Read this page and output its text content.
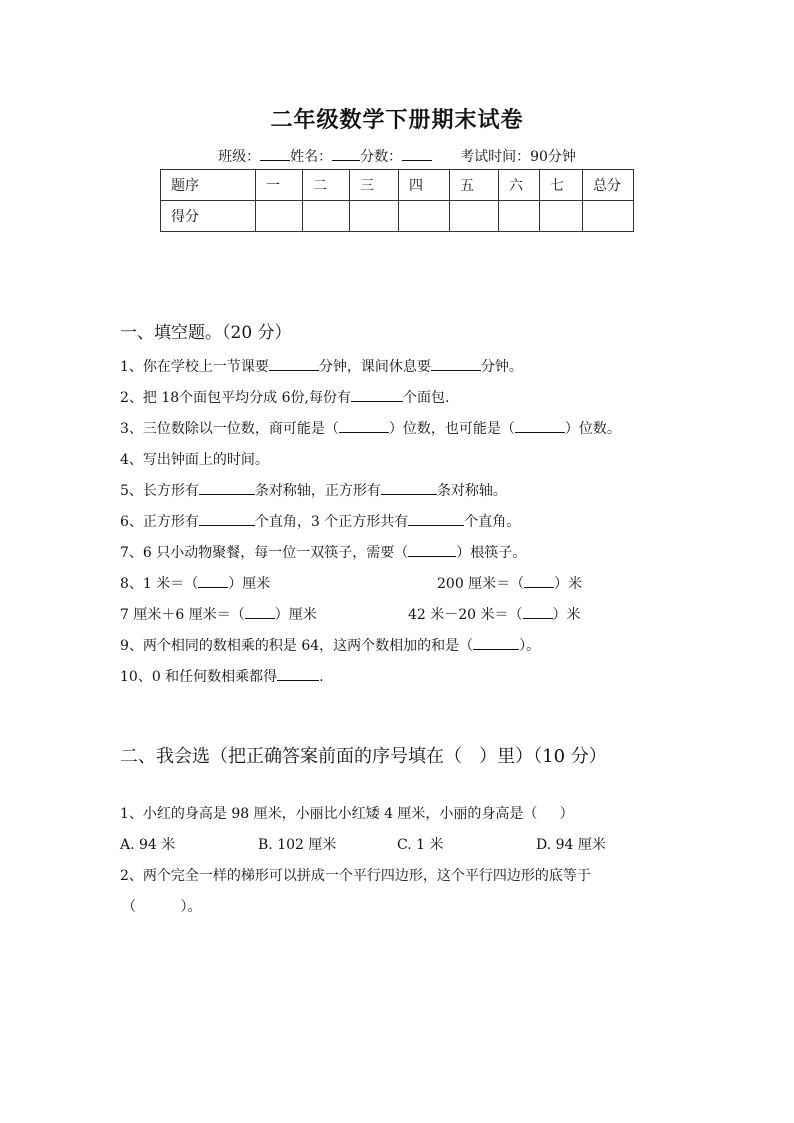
二年级数学下册期末试卷
班级： 姓名： 分数：	考试时间：90分钟
题序	一	二	三	四	五	六	七	总分
得分								
一、填空题。（20 分）
1、你在学校上一节课要	分钟，课间休息要	分钟。
2、把 18个面包平均分成 6份,每份有	个面包.
3、三位数除以一位数，商可能是（	）位数，也可能是（	）位数。
4、写出钟面上的时间。
5、长方形有	条对称轴，正方形有	条对称轴。
6、正方形有	个直角，3 个正方形共有	个直角。
7、6 只小动物聚餐，每一位一双筷子，需要（	）根筷子。
8、1 米＝（ ）厘米	200 厘米＝（ ）米
7 厘米＋6 厘米＝（ ）厘米	42 米－20 米＝（ ）米
9、两个相同的数相乘的积是 64，这两个数相加的和是（	）。
10、0 和任何数相乘都得	.
二、我会选（把正确答案前面的序号填在（   ）里）（10 分）
1、小红的身高是 98 厘米，小丽比小红矮 4 厘米，小丽的身高是（     ）
A. 94 米	B. 102 厘米	C. 1 米	D. 94 厘米
2、两个完全一样的梯形可以拼成一个平行四边形，这个平行四边形的底等于
（          ）。
